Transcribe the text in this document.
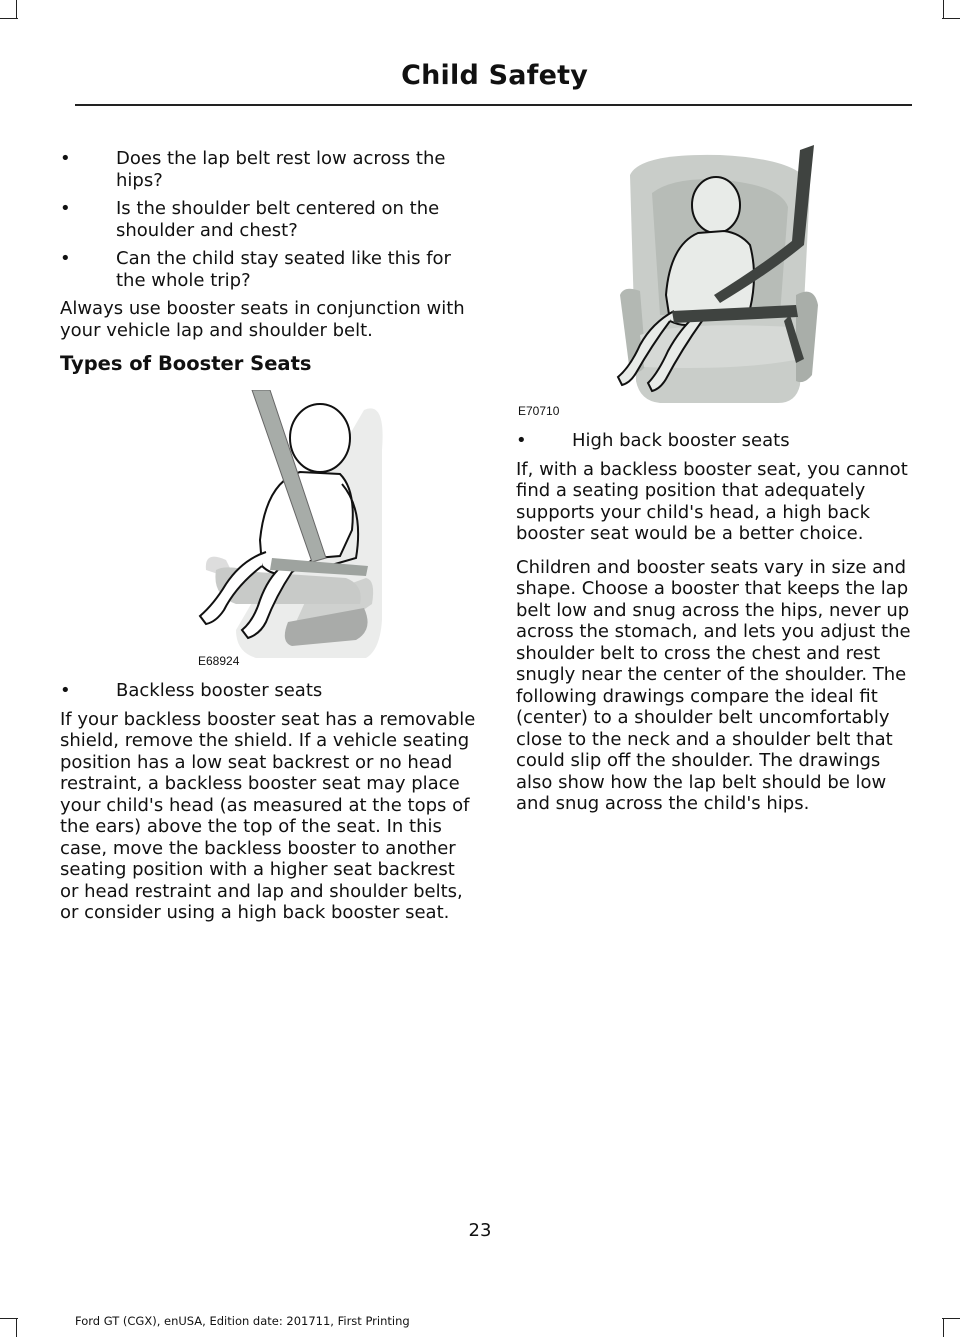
Child Safety
•	Does the lap belt rest low across the hips?
•	Is the shoulder belt centered on the shoulder and chest?
•	Can the child stay seated like this for the whole trip?

Always use booster seats in conjunction with your vehicle lap and shoulder belt.

Types of Booster Seats
E68924
•	Backless booster seats

If your backless booster seat has a removable shield, remove the shield. If a vehicle seating position has a low seat backrest or no head restraint, a backless booster seat may place your child's head (as measured at the tops of the ears) above the top of the seat. In this case, move the backless booster to another seating position with a higher seat backrest or head restraint and lap and shoulder belts, or consider using a high back booster seat.

E70710
•	High back booster seats

If, with a backless booster seat, you cannot find a seating position that adequately supports your child's head, a high back booster seat would be a better choice.

Children and booster seats vary in size and shape. Choose a booster that keeps the lap belt low and snug across the hips, never up across the stomach, and lets you adjust the shoulder belt to cross the chest and rest snugly near the center of the shoulder. The following drawings compare the ideal fit (center) to a shoulder belt uncomfortably close to the neck and a shoulder belt that could slip off the shoulder. The drawings also show how the lap belt should be low and snug across the child's hips.

23
Ford GT (CGX), enUSA, Edition date: 201711, First Printing
